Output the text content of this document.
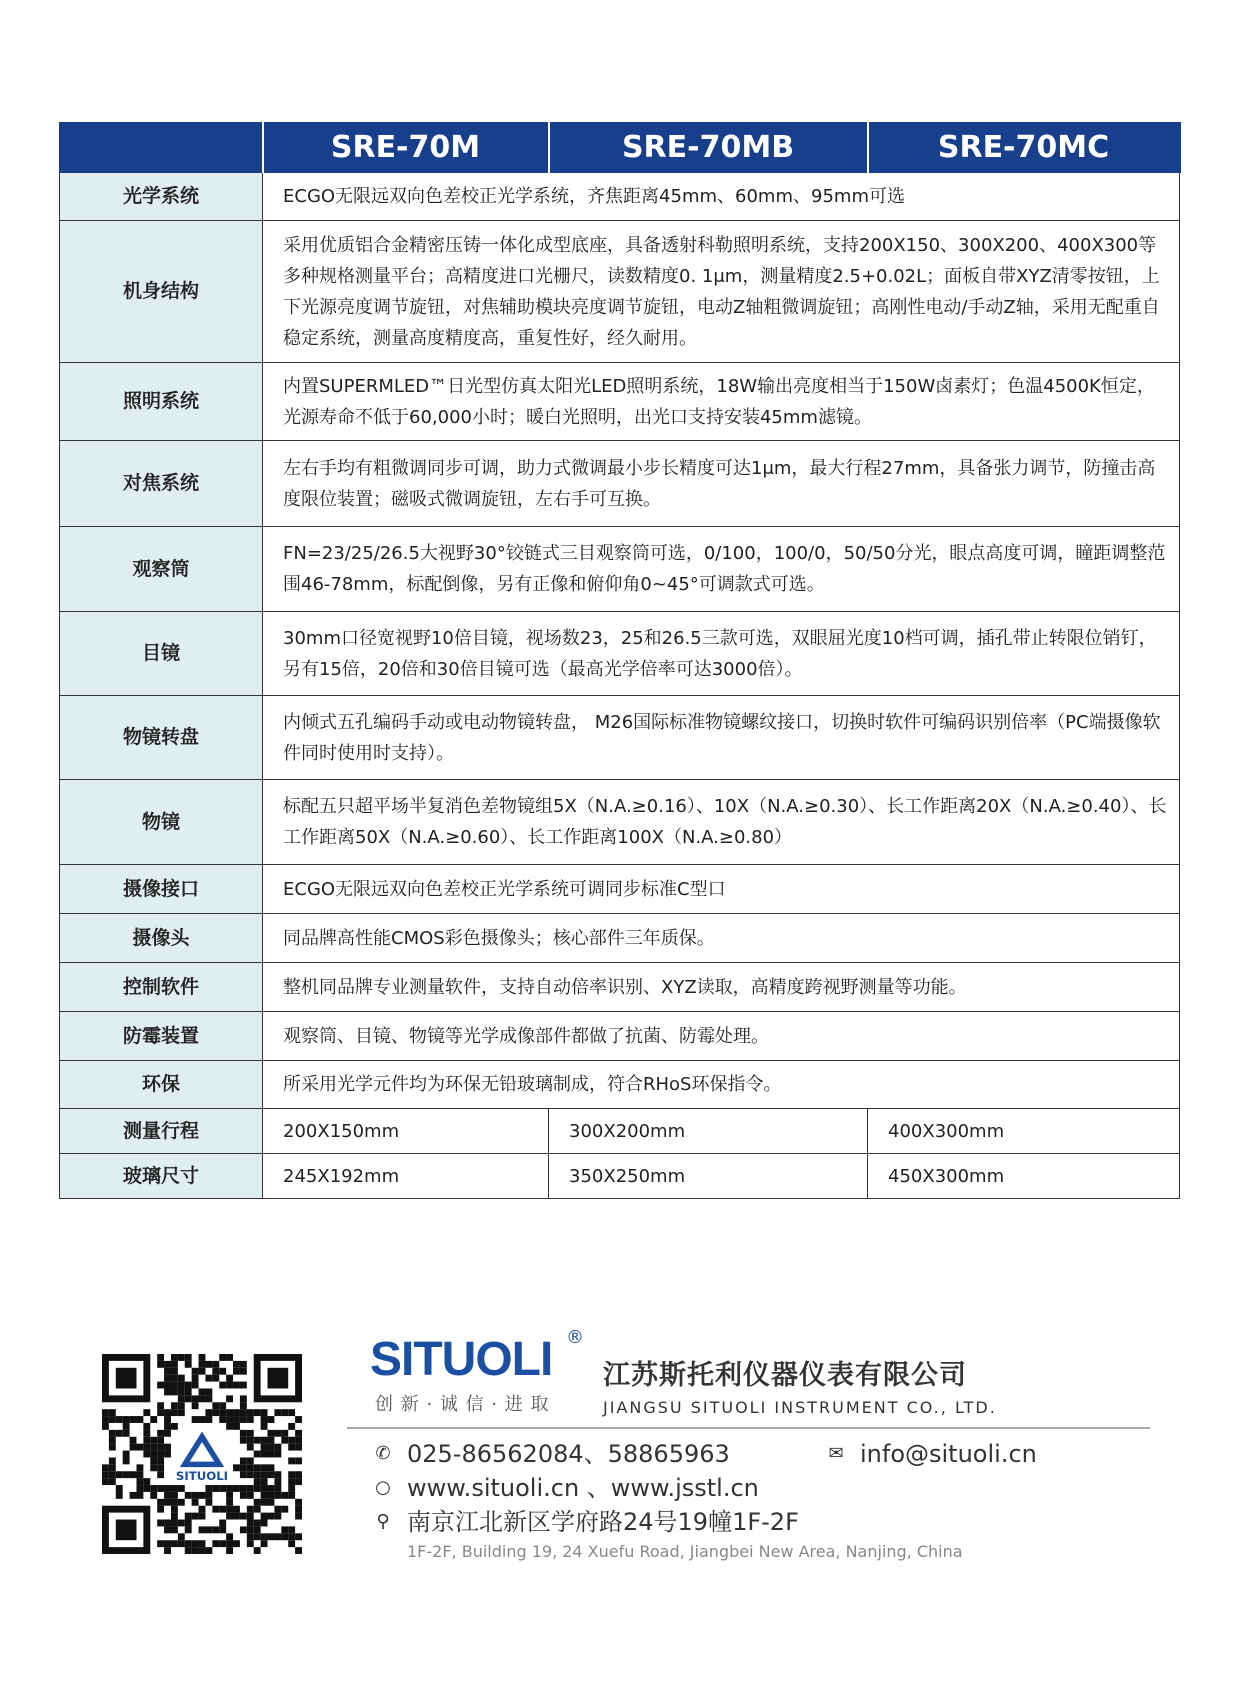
	SRE-70M	SRE-70MB	SRE-70MC
光学系统	ECGO无限远双向色差校正光学系统，齐焦距离45mm、60mm、95mm可选		
机身结构	采用优质铝合金精密压铸一体化成型底座，具备透射科勒照明系统，支持200X150、300X200、400X300等多种规格测量平台；高精度进口光栅尺，读数精度0. 1μm，测量精度2.5+0.02L；面板自带XYZ清零按钮，上下光源亮度调节旋钮，对焦辅助模块亮度调节旋钮，电动Z轴粗微调旋钮；高刚性电动/手动Z轴，采用无配重自稳定系统，测量高度精度高，重复性好，经久耐用。		
照明系统	内置SUPERMLED™日光型仿真太阳光LED照明系统，18W输出亮度相当于150W卤素灯；色温4500K恒定，光源寿命不低于60,000小时；暖白光照明，出光口支持安装45mm滤镜。		
对焦系统	左右手均有粗微调同步可调，助力式微调最小步长精度可达1μm，最大行程27mm，具备张力调节，防撞击高度限位装置；磁吸式微调旋钮，左右手可互换。		
观察筒	FN=23/25/26.5大视野30°铰链式三目观察筒可选，0/100，100/0，50/50分光，眼点高度可调，瞳距调整范围46-78mm，标配倒像，另有正像和俯仰角0~45°可调款式可选。		
目镜	30mm口径宽视野10倍目镜，视场数23，25和26.5三款可选，双眼屈光度10档可调，插孔带止转限位销钉，另有15倍，20倍和30倍目镜可选（最高光学倍率可达3000倍）。		
物镜转盘	内倾式五孔编码手动或电动物镜转盘， M26国际标准物镜螺纹接口，切换时软件可编码识别倍率（PC端摄像软件同时使用时支持）。		
物镜	标配五只超平场半复消色差物镜组5X（N.A.≥0.16）、10X（N.A.≥0.30）、长工作距离20X（N.A.≥0.40）、长工作距离50X（N.A.≥0.60）、长工作距离100X（N.A.≥0.80）		
摄像接口	ECGO无限远双向色差校正光学系统可调同步标准C型口		
摄像头	同品牌高性能CMOS彩色摄像头；核心部件三年质保。		
控制软件	整机同品牌专业测量软件，支持自动倍率识别、XYZ读取，高精度跨视野测量等功能。		
防霉装置	观察筒、目镜、物镜等光学成像部件都做了抗菌、防霉处理。		
环保	所采用光学元件均为环保无铅玻璃制成，符合RHoS环保指令。		
测量行程	200X150mm	300X200mm	400X300mm
玻璃尺寸	245X192mm	350X250mm	450X300mm
SITUOLI
SITUOLI ®
创 新 · 诚 信 · 进 取
江苏斯托利仪器仪表有限公司
JIANGSU SITUOLI INSTRUMENT CO., LTD.
✆ 025-86562084、58865963	✉ info@situoli.cn
○ www.situoli.cn 、www.jsstl.cn
⚲ 南京江北新区学府路24号19幢1F-2F
1F-2F, Building 19, 24 Xuefu Road, Jiangbei New Area, Nanjing, China
